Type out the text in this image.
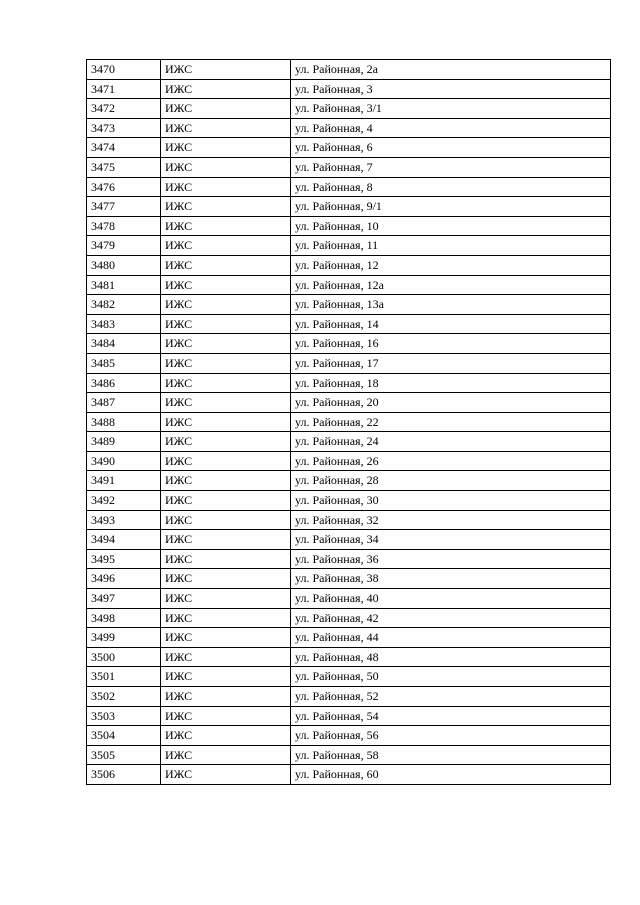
3470	ИЖС	ул. Районная, 2а
3471	ИЖС	ул. Районная, 3
3472	ИЖС	ул. Районная, 3/1
3473	ИЖС	ул. Районная, 4
3474	ИЖС	ул. Районная, 6
3475	ИЖС	ул. Районная, 7
3476	ИЖС	ул. Районная, 8
3477	ИЖС	ул. Районная, 9/1
3478	ИЖС	ул. Районная, 10
3479	ИЖС	ул. Районная, 11
3480	ИЖС	ул. Районная, 12
3481	ИЖС	ул. Районная, 12а
3482	ИЖС	ул. Районная, 13а
3483	ИЖС	ул. Районная, 14
3484	ИЖС	ул. Районная, 16
3485	ИЖС	ул. Районная, 17
3486	ИЖС	ул. Районная, 18
3487	ИЖС	ул. Районная, 20
3488	ИЖС	ул. Районная, 22
3489	ИЖС	ул. Районная, 24
3490	ИЖС	ул. Районная, 26
3491	ИЖС	ул. Районная, 28
3492	ИЖС	ул. Районная, 30
3493	ИЖС	ул. Районная, 32
3494	ИЖС	ул. Районная, 34
3495	ИЖС	ул. Районная, 36
3496	ИЖС	ул. Районная, 38
3497	ИЖС	ул. Районная, 40
3498	ИЖС	ул. Районная, 42
3499	ИЖС	ул. Районная, 44
3500	ИЖС	ул. Районная, 48
3501	ИЖС	ул. Районная, 50
3502	ИЖС	ул. Районная, 52
3503	ИЖС	ул. Районная, 54
3504	ИЖС	ул. Районная, 56
3505	ИЖС	ул. Районная, 58
3506	ИЖС	ул. Районная, 60
